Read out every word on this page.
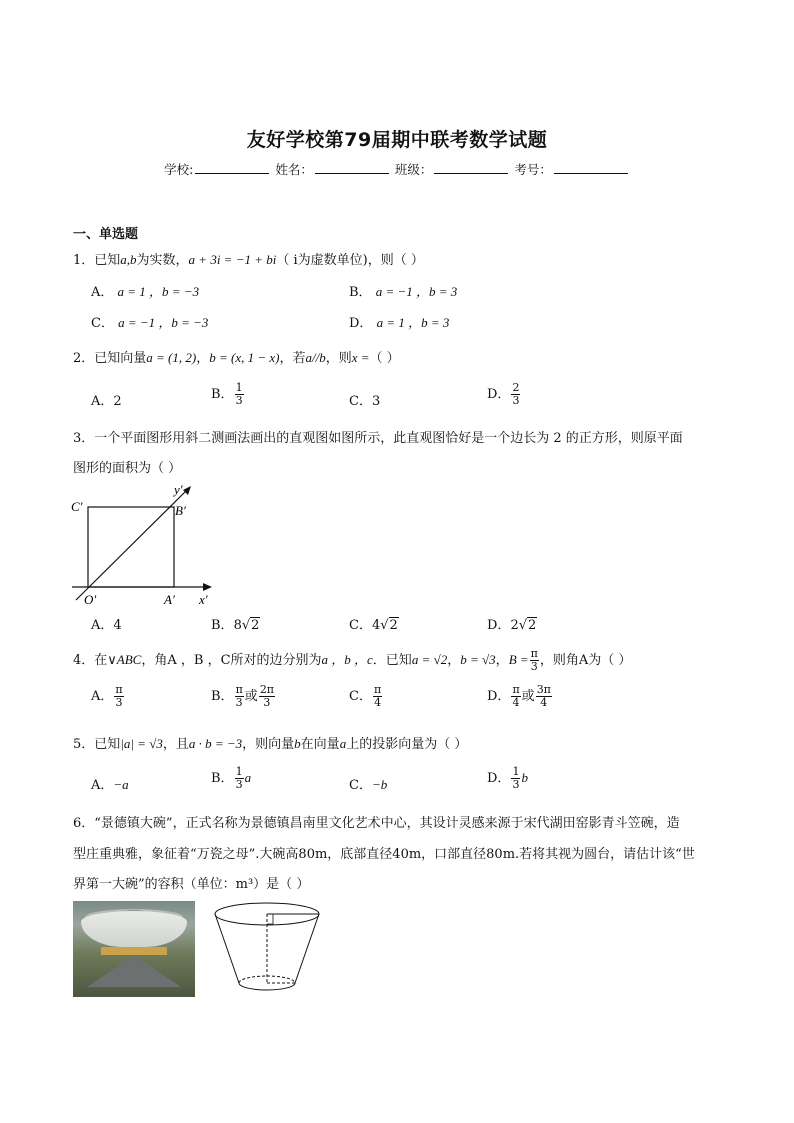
友好学校第79届期中联考数学试题
学校:	姓名：	班级：	考号：
一、单选题
1．已知a,b为实数，a + 3i = −1 + bi（ i为虚数单位)，则（ ）
A． a = 1 ，b = −3	B． a = −1 ，b = 3
C． a = −1 ，b = −3	D． a = 1 ，b = 3
2．已知向量a = (1, 2)，b = (x, 1 − x)，若a//b，则x =（ ）
A．2	B． $\frac{1}{3}$	C．3	D． $\frac{2}{3}$
3．一个平面图形用斜二测画法画出的直观图如图所示，此直观图恰好是一个边长为 2 的正方形，则原平面
图形的面积为（ ）
C′	B′
O′	A′ x′
y′
A．4	B．8√2	C．4√2	D．2√2
4．在∨ABC，角A ，B ，C所对的边分别为a ，b ，c．已知a = √2，b = √3，$B = \frac{\pi}{3}$ ，则角A为（ ）
A． $\frac{\pi}{3}$	B． $\frac{\pi}{3}$ 或 $\frac{2\pi}{3}$	C． $\frac{\pi}{4}$	D． $\frac{\pi}{4}$ 或 $\frac{3\pi}{4}$
5．已知|a| = √3，且a · b = −3，则向量b在向量a上的投影向量为（ ）
A．−a	B． $\frac{1}{3}$ a
C．−b	D． $\frac{1}{3}$ b
6．“景德镇大碗”，正式名称为景德镇昌南里文化艺术中心，其设计灵感来源于宋代湖田窑影青斗笠碗，造
型庄重典雅，象征着“万瓷之母”.大碗高80m，底部直径40m，口部直径80m.若将其视为圆台，请估计该“世
界第一大碗”的容积（单位：m³）是（ ）
